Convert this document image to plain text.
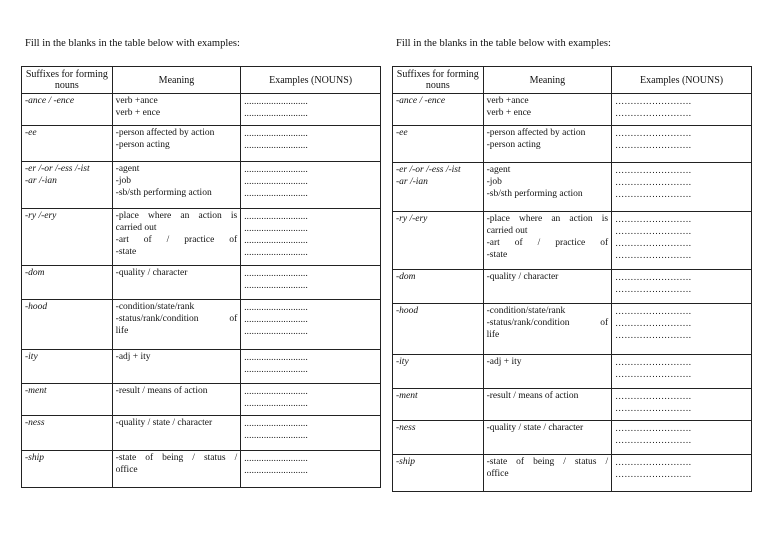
Fill in the blanks in the table below with examples:
Suffixes for forming nouns	Meaning	Examples (NOUNS)

-ance / -ence	verb +ance
verb + ence	..........................
..........................

-ee	-person affected by action
-person acting	..........................
..........................

-er /-or /-ess /-ist
-ar /-ian	-agent
-job
-sb/sth performing action	..........................
..........................
..........................

-ry /-ery	-place where an action is
carried out
-art of / practice of
-state	..........................
..........................
..........................
..........................

-dom	-quality / character	..........................
..........................

-hood	-condition/state/rank
-status/rank/condition of
life	..........................
..........................
..........................

-ity	-adj + ity	..........................
..........................

-ment	-result / means of action	..........................
..........................

-ness	-quality / state / character	..........................
..........................

-ship	-state of being / status /
office	..........................
..........................
Fill in the blanks in the table below with examples:
Suffixes for forming nouns	Meaning	Examples (NOUNS)

-ance / -ence	verb +ance
verb + ence	…………………….
…………………….

-ee	-person affected by action
-person acting	…………………….
…………………….

-er /-or /-ess /-ist
-ar /-ian	-agent
-job
-sb/sth performing action	…………………….
…………………….
…………………….

-ry /-ery	-place where an action is
carried out
-art of / practice of
-state	…………………….
…………………….
…………………….
…………………….

-dom	-quality / character	…………………….
…………………….

-hood	-condition/state/rank
-status/rank/condition of
life	…………………….
…………………….
…………………….

-ity	-adj + ity	…………………….
…………………….

-ment	-result / means of action	…………………….
…………………….

-ness	-quality / state / character	…………………….
…………………….

-ship	-state of being / status /
office	…………………….
…………………….
